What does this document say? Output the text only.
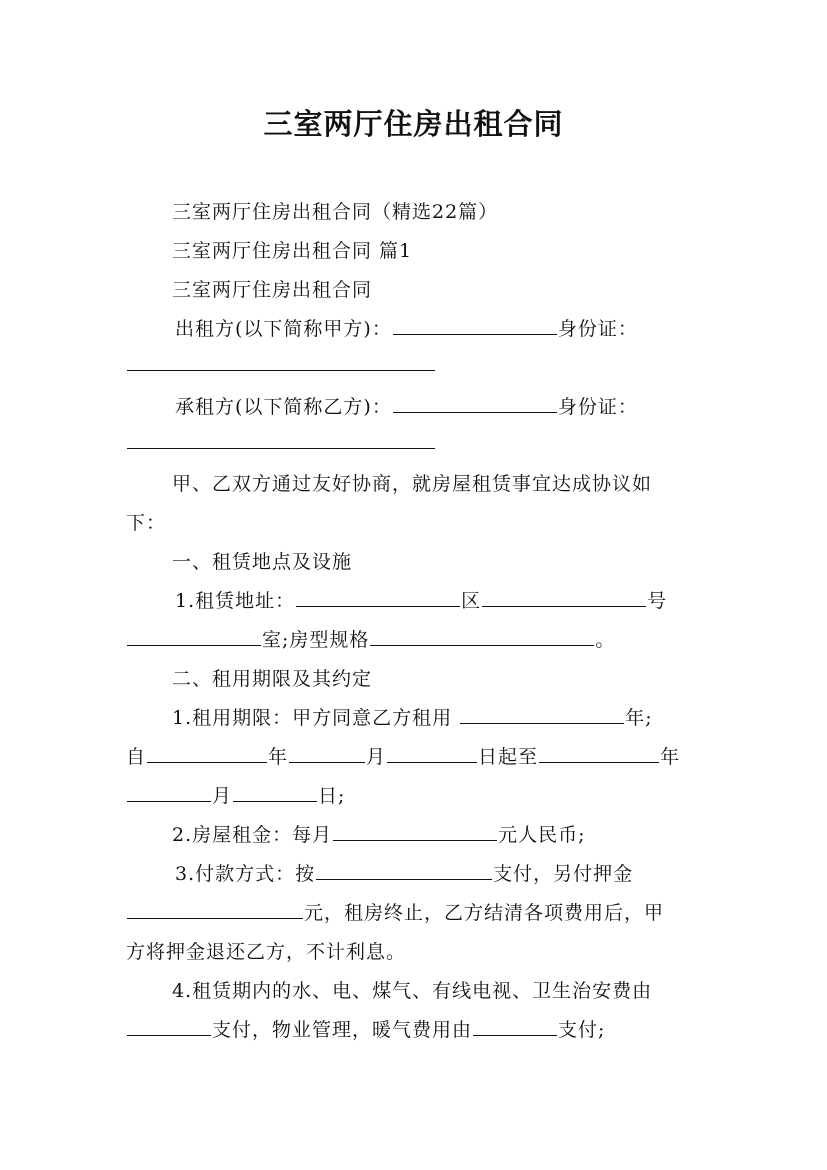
三室两厅住房出租合同
三室两厅住房出租合同（精选22篇）
三室两厅住房出租合同 篇1
三室两厅住房出租合同
出租方(以下简称甲方)：	身份证：
承租方(以下简称乙方)：	身份证：
甲、乙双方通过友好协商，就房屋租赁事宜达成协议如
下：
一、租赁地点及设施
1.租赁地址：	区	号
室;房型规格	。
二、租用期限及其约定
1.租用期限：甲方同意乙方租用	年;
自	年	月	日起至	年
月	日;
2.房屋租金：每月	元人民币;
3.付款方式：按	支付，另付押金
元，租房终止，乙方结清各项费用后，甲
方将押金退还乙方，不计利息。
4.租赁期内的水、电、煤气、有线电视、卫生治安费由
支付，物业管理，暖气费用由	支付;
